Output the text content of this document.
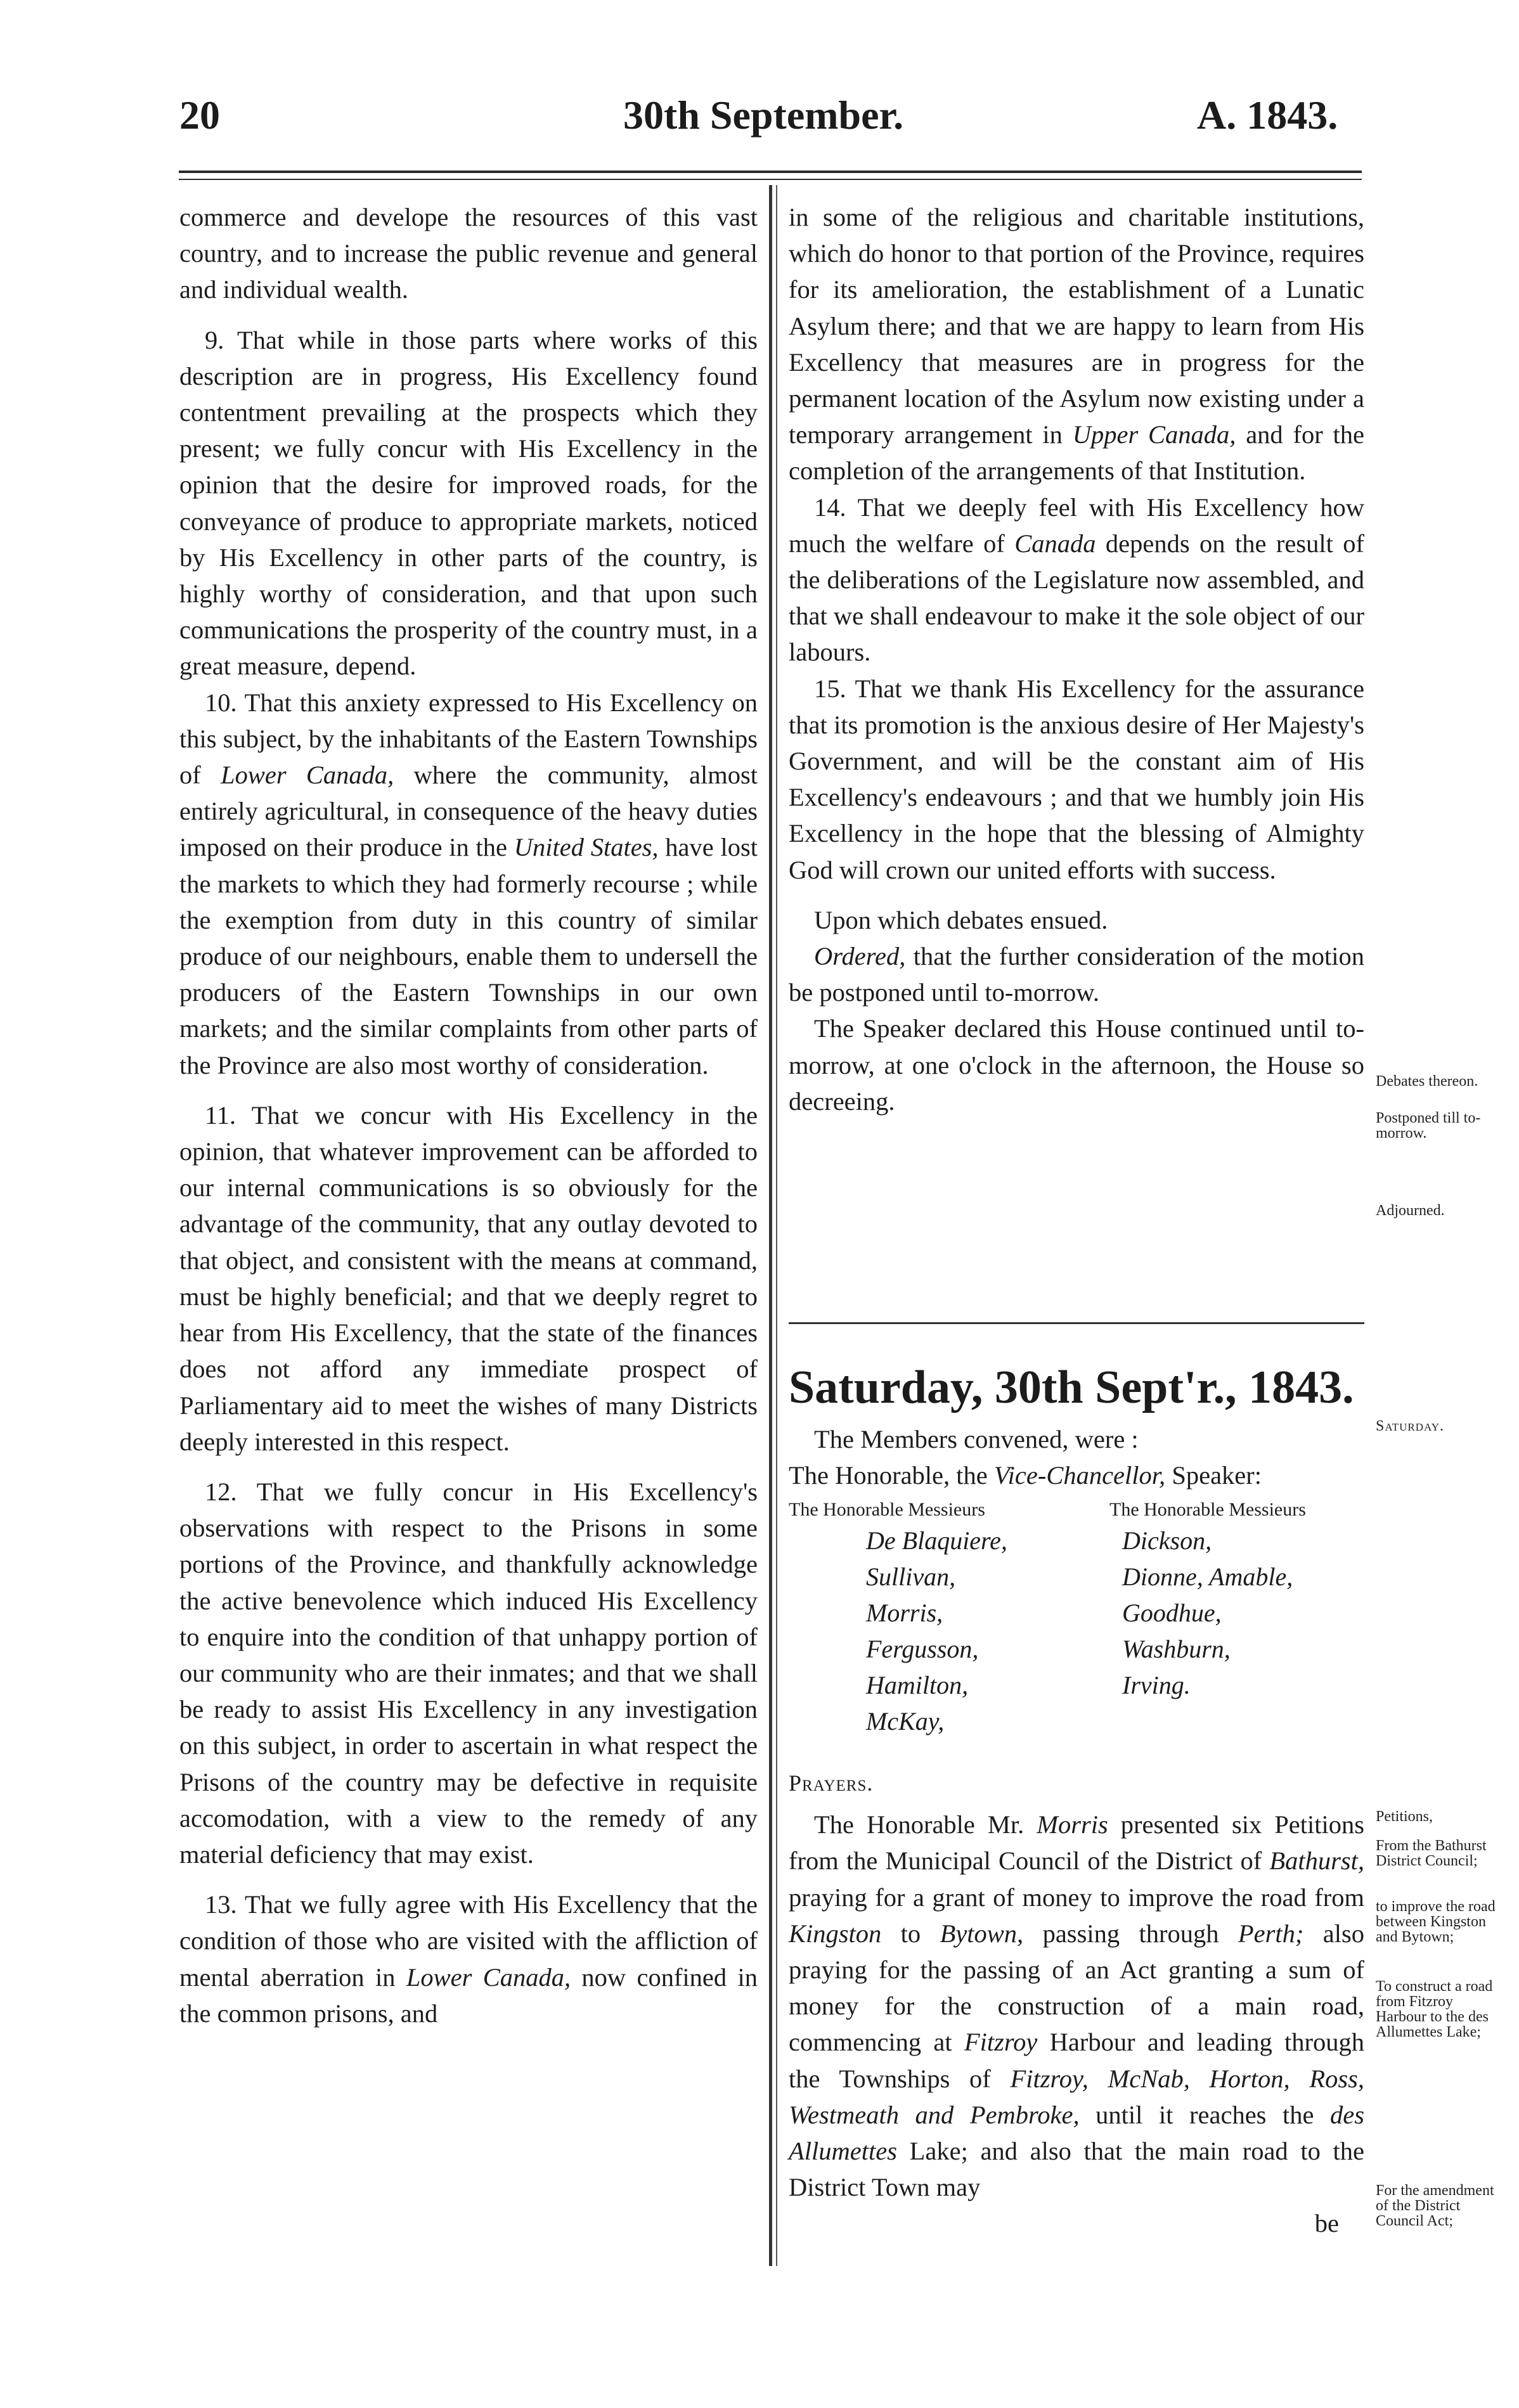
20	30th September.	A. 1843.

commerce and develope the resources of this vast country, and to increase the public revenue and general and individual wealth.

9. That while in those parts where works of this description are in progress, His Excellency found contentment prevailing at the prospects which they present; we fully concur with His Excellency in the opinion that the desire for improved roads, for the conveyance of produce to appropriate markets, noticed by His Excellency in other parts of the country, is highly worthy of consideration, and that upon such communications the prosperity of the country must, in a great measure, depend.

10. That this anxiety expressed to His Excellency on this subject, by the inhabitants of the Eastern Townships of Lower Canada, where the community, almost entirely agricultural, in consequence of the heavy duties imposed on their produce in the United States, have lost the markets to which they had formerly recourse ; while the exemption from duty in this country of similar produce of our neighbours, enable them to undersell the producers of the Eastern Townships in our own markets; and the similar complaints from other parts of the Province are also most worthy of consideration.

11. That we concur with His Excellency in the opinion, that whatever improvement can be afforded to our internal communications is so obviously for the advantage of the community, that any outlay devoted to that object, and consistent with the means at command, must be highly beneficial; and that we deeply regret to hear from His Excellency, that the state of the finances does not afford any immediate prospect of Parliamentary aid to meet the wishes of many Districts deeply interested in this respect.

12. That we fully concur in His Excellency's observations with respect to the Prisons in some portions of the Province, and thankfully acknowledge the active benevolence which induced His Excellency to enquire into the condition of that unhappy portion of our community who are their inmates; and that we shall be ready to assist His Excellency in any investigation on this subject, in order to ascertain in what respect the Prisons of the country may be defective in requisite accomodation, with a view to the remedy of any material deficiency that may exist.

13. That we fully agree with His Excellency that the condition of those who are visited with the affliction of mental aberration in Lower Canada, now confined in the common prisons, and

in some of the religious and charitable institutions, which do honor to that portion of the Province, requires for its amelioration, the establishment of a Lunatic Asylum there; and that we are happy to learn from His Excellency that measures are in progress for the permanent location of the Asylum now existing under a temporary arrangement in Upper Canada, and for the completion of the arrangements of that Institution.

14. That we deeply feel with His Excellency how much the welfare of Canada depends on the result of the deliberations of the Legislature now assembled, and that we shall endeavour to make it the sole object of our labours.

15. That we thank His Excellency for the assurance that its promotion is the anxious desire of Her Majesty's Government, and will be the constant aim of His Excellency's endeavours ; and that we humbly join His Excellency in the hope that the blessing of Almighty God will crown our united efforts with success.

Upon which debates ensued.

Ordered, that the further consideration of the motion be postponed until to-morrow.

The Speaker declared this House continued until to-morrow, at one o'clock in the afternoon, the House so decreeing.

Saturday, 30th Sept'r., 1843.

The Members convened, were :

The Honorable, the Vice-Chancellor, Speaker:

The Honorable Messieurs
De Blaquiere,
Sullivan,
Morris,
Fergusson,
Hamilton,
McKay,
The Honorable Messieurs
Dickson,
Dionne, Amable,
Goodhue,
Washburn,
Irving.

Prayers.

The Honorable Mr. Morris presented six Petitions from the Municipal Council of the District of Bathurst, praying for a grant of money to improve the road from Kingston to Bytown, passing through Perth; also praying for the passing of an Act granting a sum of money for the construction of a main road, commencing at Fitzroy Harbour and leading through the Townships of Fitzroy, McNab, Horton, Ross, Westmeath and Pembroke, until it reaches the des Allumettes Lake; and also that the main road to the District Town may

be
Debates thereon.
Postponed till to-morrow.
Adjourned.
Saturday.
Petitions,
From the Bathurst District Council;
to improve the road between Kingston and Bytown;
To construct a road from Fitzroy Harbour to the des Allumettes Lake;
For the amendment of the District Council Act;
